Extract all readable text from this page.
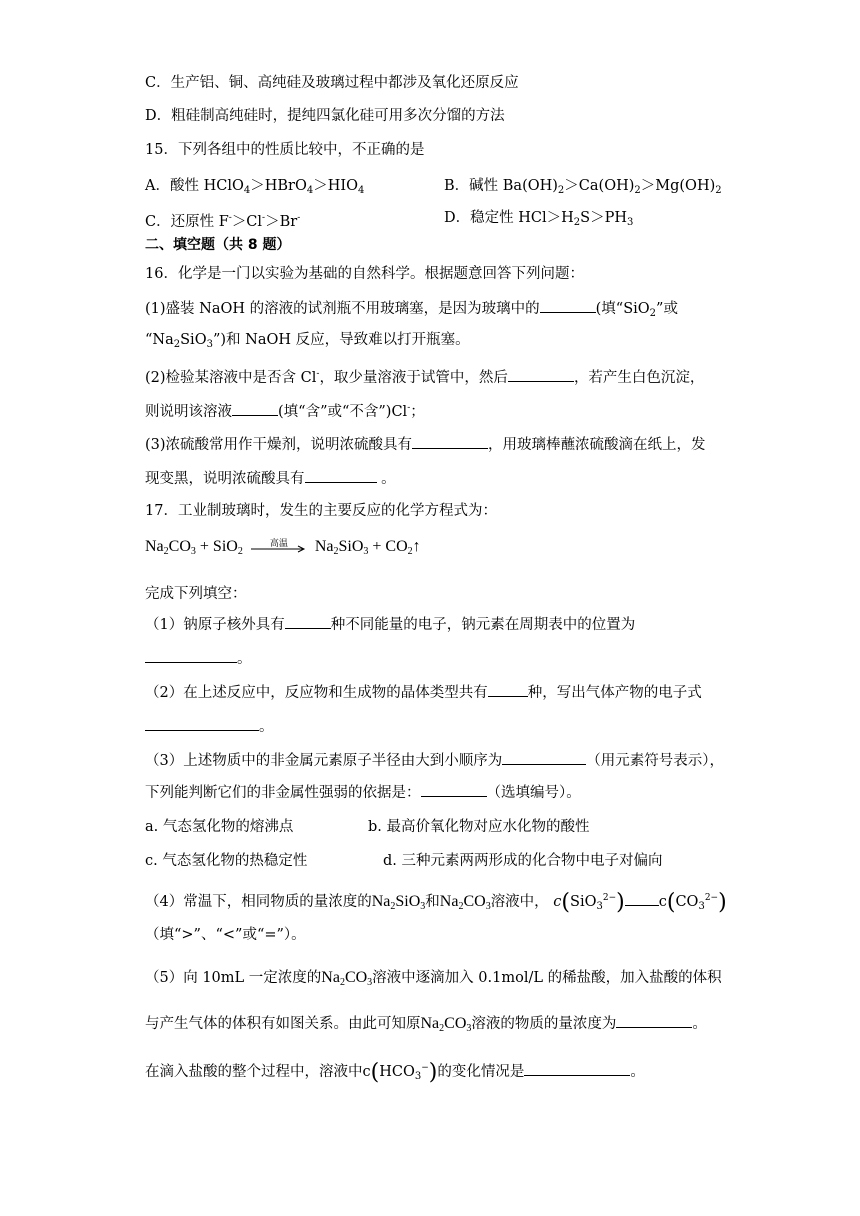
C．生产铝、铜、高纯硅及玻璃过程中都涉及氧化还原反应
D．粗硅制高纯硅时，提纯四氯化硅可用多次分馏的方法
15．下列各组中的性质比较中，不正确的是
A．酸性 $HClO_4>HBrO_4>HIO_4$	B．碱性 $Ba(OH)_2>Ca(OH)_2>Mg(OH)_2$
C．还原性 F-＞Cl-＞Br-	D．稳定性 $HCl>H_2S>PH_3$
二、填空题（共 8 题）
16．化学是一门以实验为基础的自然科学。根据题意回答下列问题：
(1)盛装 NaOH 的溶液的试剂瓶不用玻璃塞，是因为玻璃中的	(填“SiO$_2$”或
“$Na_2SiO_3$”)和 NaOH 反应，导致难以打开瓶塞。
(2)检验某溶液中是否含 Cl-，取少量溶液于试管中，然后	，若产生白色沉淀，
则说明该溶液	(填“含”或“不含”)Cl-；
(3)浓硫酸常用作干燥剂，说明浓硫酸具有	，用玻璃棒蘸浓硫酸滴在纸上，发
现变黑，说明浓硫酸具有	。
17．工业制玻璃时，发生的主要反应的化学方程式为：
$Na_2CO_3 + SiO_2$
高温	$Na_2SiO_3$ + $CO_2↑$
完成下列填空：
（1）钠原子核外具有	种不同能量的电子，钠元素在周期表中的位置为
。
（2）在上述反应中，反应物和生成物的晶体类型共有	种，写出气体产物的电子式
。
（3）上述物质中的非金属元素原子半径由大到小顺序为	（用元素符号表示），
下列能判断它们的非金属性强弱的依据是：	（选填编号）。
a. 气态氢化物的熔沸点	b. 最高价氧化物对应水化物的酸性
c. 气态氢化物的热稳定性	d. 三种元素两两形成的化合物中电子对偏向
（4）常温下，相同物质的量浓度的$Na_2SiO_3$和$Na_2CO_3$溶液中， c(SiO$_3^{2-}$) $c(CO_3^{2-})$
（填“>”、“<”或“=”）。
（5）向 10mL 一定浓度的$Na_2CO_3$溶液中逐滴加入 0.1mol/L 的稀盐酸，加入盐酸的体积
与产生气体的体积有如图关系。由此可知原$Na_2CO_3$溶液的物质的量浓度为	。
在滴入盐酸的整个过程中，溶液中$c(HCO_3^-)$的变化情况是	。
